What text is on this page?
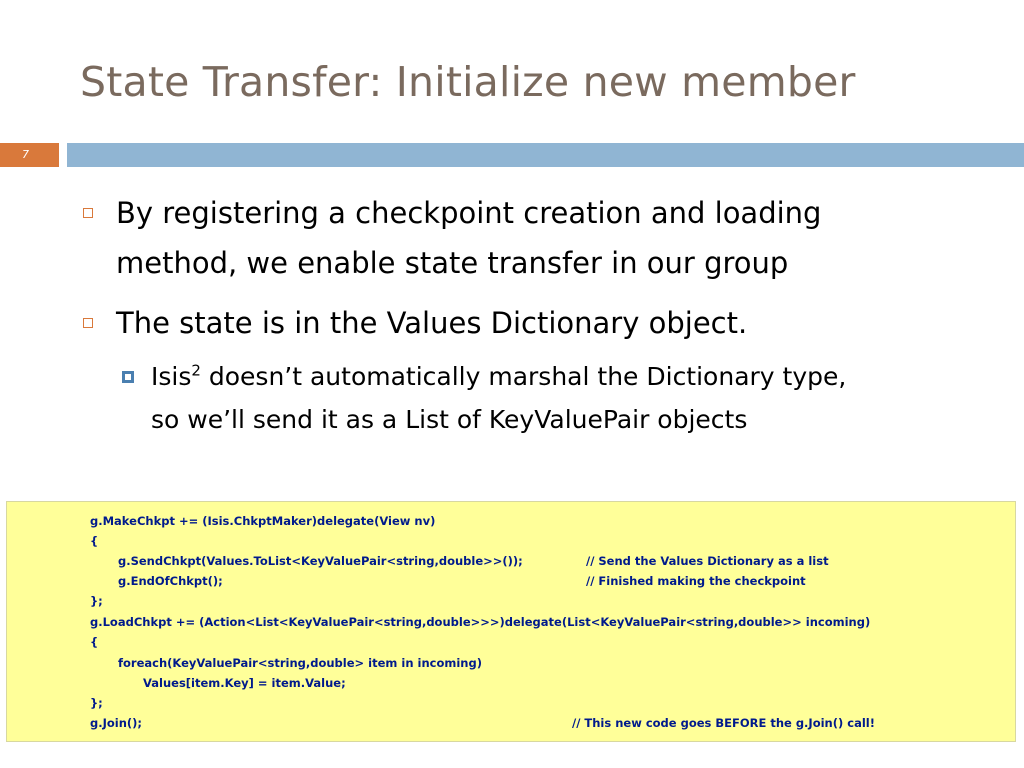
State Transfer: Initialize new member
7
By registering a checkpoint creation and loading
method, we enable state transfer in our group
The state is in the Values Dictionary object.
Isis$^2$ doesn’t automatically marshal the Dictionary type,
so we’ll send it as a List of KeyValuePair objects
g.MakeChkpt += (Isis.ChkptMaker)delegate(View nv)
{
g.SendChkpt(Values.ToList<KeyValuePair<string,double>>());	// Send the Values Dictionary as a list
g.EndOfChkpt();	// Finished making the checkpoint
};
g.LoadChkpt += (Action<List<KeyValuePair<string,double>>>)delegate(List<KeyValuePair<string,double>> incoming)
{
foreach(KeyValuePair<string,double> item in incoming)
Values[item.Key] = item.Value;
};
g.Join();	// This new code goes BEFORE the g.Join() call!
